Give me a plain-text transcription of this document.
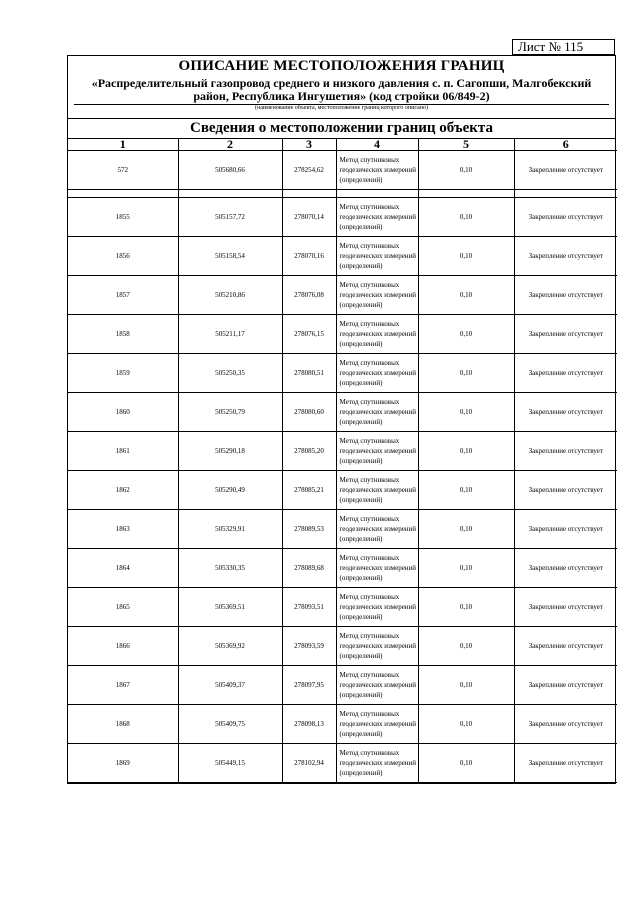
Лист № 115
ОПИСАНИЕ МЕСТОПОЛОЖЕНИЯ ГРАНИЦ
«Распределительный газопровод среднего и низкого давления с. п. Сагопши, Малгобекский район, Республика Ингушетия» (код стройки 06/849-2)
(наименование объекта, местоположение границ которого описано)
Сведения о местоположении границ объекта
1	2	3	4	5	6
572	505680,66	278254,62	Метод спутниковых геодезических измерений (определений)	0,10	Закрепление отсутствует

1855	505157,72	278070,14	Метод спутниковых геодезических измерений (определений)	0,10	Закрепление отсутствует
1856	505158,54	278070,16	Метод спутниковых геодезических измерений (определений)	0,10	Закрепление отсутствует
1857	505210,86	278076,08	Метод спутниковых геодезических измерений (определений)	0,10	Закрепление отсутствует
1858	505211,17	278076,15	Метод спутниковых геодезических измерений (определений)	0,10	Закрепление отсутствует
1859	505250,35	278080,51	Метод спутниковых геодезических измерений (определений)	0,10	Закрепление отсутствует
1860	505250,79	278080,60	Метод спутниковых геодезических измерений (определений)	0,10	Закрепление отсутствует
1861	505290,18	278085,20	Метод спутниковых геодезических измерений (определений)	0,10	Закрепление отсутствует
1862	505290,49	278085,21	Метод спутниковых геодезических измерений (определений)	0,10	Закрепление отсутствует
1863	505329,91	278089,53	Метод спутниковых геодезических измерений (определений)	0,10	Закрепление отсутствует
1864	505330,35	278089,68	Метод спутниковых геодезических измерений (определений)	0,10	Закрепление отсутствует
1865	505369,51	278093,51	Метод спутниковых геодезических измерений (определений)	0,10	Закрепление отсутствует
1866	505369,92	278093,59	Метод спутниковых геодезических измерений (определений)	0,10	Закрепление отсутствует
1867	505409,37	278097,95	Метод спутниковых геодезических измерений (определений)	0,10	Закрепление отсутствует
1868	505409,75	278098,13	Метод спутниковых геодезических измерений (определений)	0,10	Закрепление отсутствует
1869	505449,15	278102,94	Метод спутниковых геодезических измерений (определений)	0,10	Закрепление отсутствует
